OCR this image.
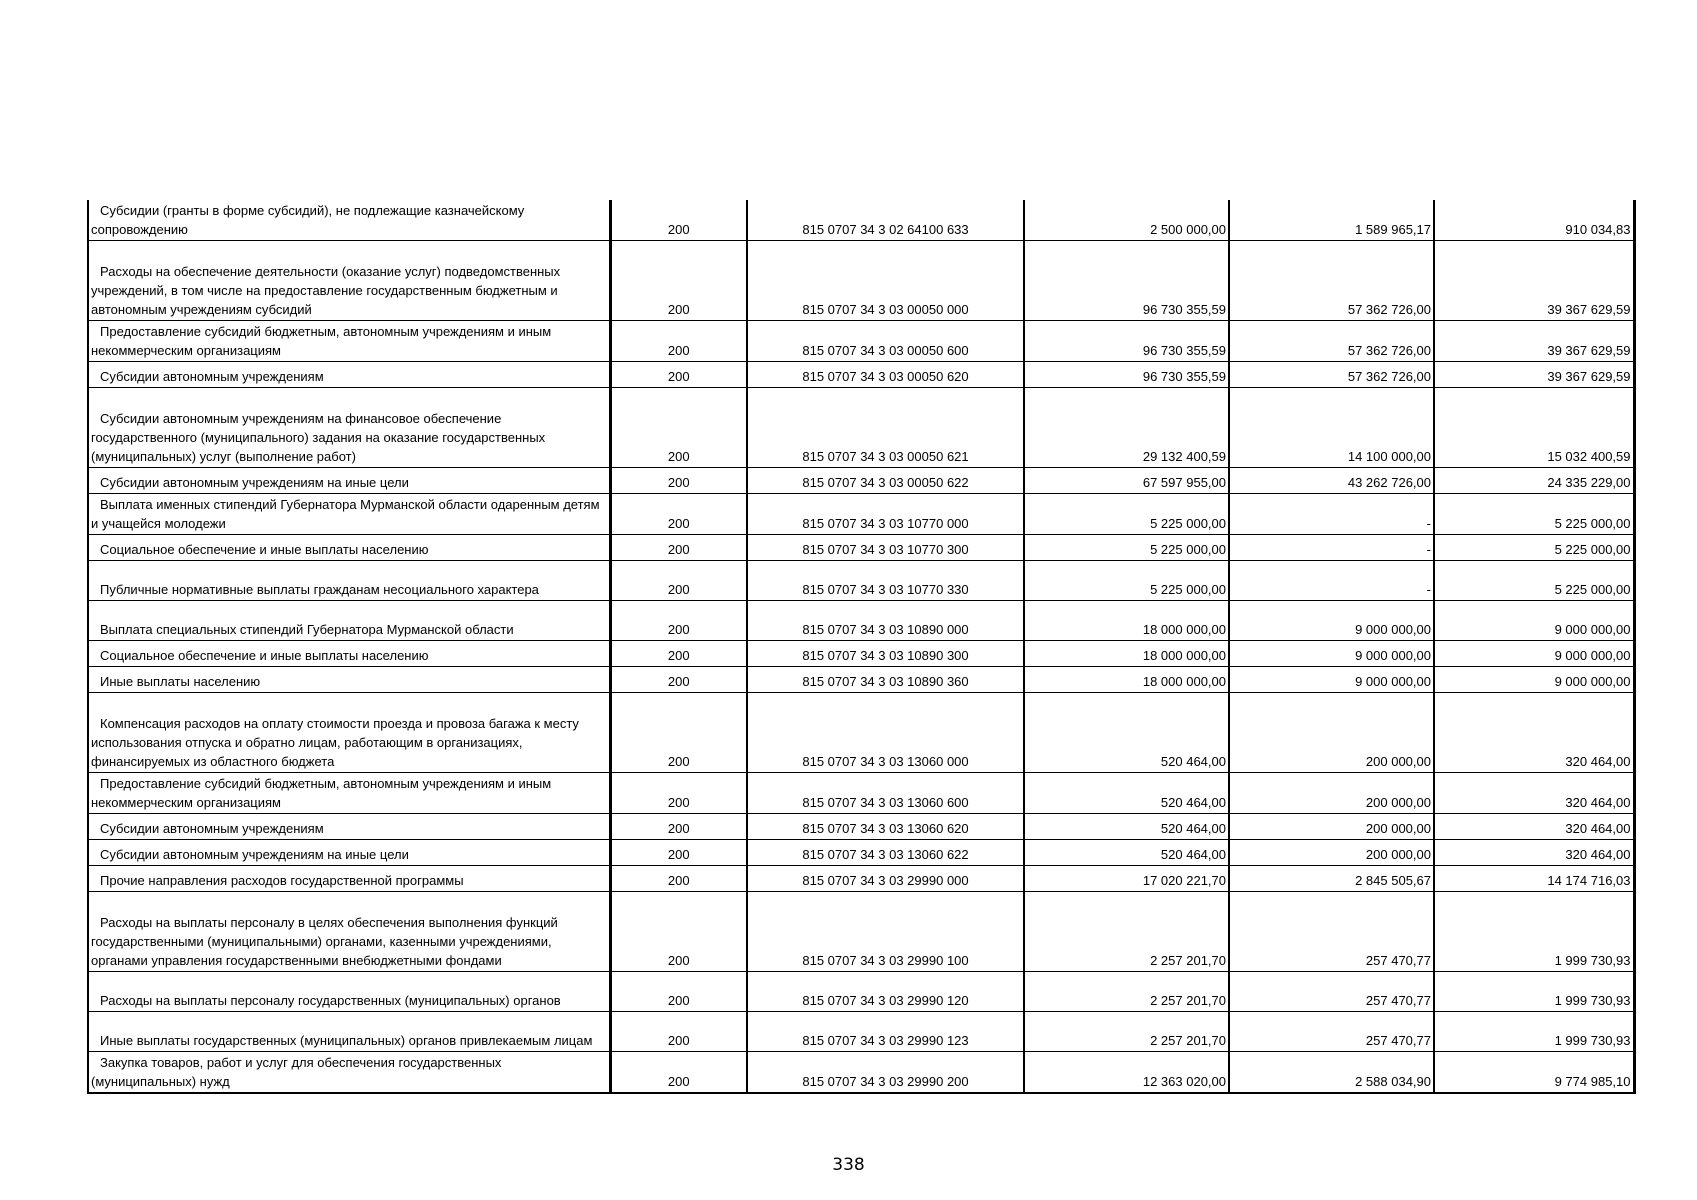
Субсидии (гранты в форме субсидий), не подлежащие казначейскому сопровождению	200	815 0707 34 3 02 64100 633	2 500 000,00	1 589 965,17	910 034,83
Расходы на обеспечение деятельности (оказание услуг) подведомственных учреждений, в том числе на предоставление государственным бюджетным и автономным учреждениям субсидий	200	815 0707 34 3 03 00050 000	96 730 355,59	57 362 726,00	39 367 629,59
Предоставление субсидий бюджетным, автономным учреждениям и иным некоммерческим организациям	200	815 0707 34 3 03 00050 600	96 730 355,59	57 362 726,00	39 367 629,59
Субсидии автономным учреждениям	200	815 0707 34 3 03 00050 620	96 730 355,59	57 362 726,00	39 367 629,59
Субсидии автономным учреждениям на финансовое обеспечение государственного (муниципального) задания на оказание государственных (муниципальных) услуг (выполнение работ)	200	815 0707 34 3 03 00050 621	29 132 400,59	14 100 000,00	15 032 400,59
Субсидии автономным учреждениям на иные цели	200	815 0707 34 3 03 00050 622	67 597 955,00	43 262 726,00	24 335 229,00
Выплата именных стипендий Губернатора Мурманской области одаренным детям и учащейся молодежи	200	815 0707 34 3 03 10770 000	5 225 000,00	-	5 225 000,00
Социальное обеспечение и иные выплаты населению	200	815 0707 34 3 03 10770 300	5 225 000,00	-	5 225 000,00
Публичные нормативные выплаты гражданам несоциального характера	200	815 0707 34 3 03 10770 330	5 225 000,00	-	5 225 000,00
Выплата специальных стипендий Губернатора Мурманской области	200	815 0707 34 3 03 10890 000	18 000 000,00	9 000 000,00	9 000 000,00
Социальное обеспечение и иные выплаты населению	200	815 0707 34 3 03 10890 300	18 000 000,00	9 000 000,00	9 000 000,00
Иные выплаты населению	200	815 0707 34 3 03 10890 360	18 000 000,00	9 000 000,00	9 000 000,00
Компенсация расходов на оплату стоимости проезда и провоза багажа к месту использования отпуска и обратно лицам, работающим в организациях, финансируемых из областного бюджета	200	815 0707 34 3 03 13060 000	520 464,00	200 000,00	320 464,00
Предоставление субсидий бюджетным, автономным учреждениям и иным некоммерческим организациям	200	815 0707 34 3 03 13060 600	520 464,00	200 000,00	320 464,00
Субсидии автономным учреждениям	200	815 0707 34 3 03 13060 620	520 464,00	200 000,00	320 464,00
Субсидии автономным учреждениям на иные цели	200	815 0707 34 3 03 13060 622	520 464,00	200 000,00	320 464,00
Прочие направления расходов государственной программы	200	815 0707 34 3 03 29990 000	17 020 221,70	2 845 505,67	14 174 716,03
Расходы на выплаты персоналу в целях обеспечения выполнения функций государственными (муниципальными) органами, казенными учреждениями, органами управления государственными внебюджетными фондами	200	815 0707 34 3 03 29990 100	2 257 201,70	257 470,77	1 999 730,93
Расходы на выплаты персоналу государственных (муниципальных) органов	200	815 0707 34 3 03 29990 120	2 257 201,70	257 470,77	1 999 730,93
Иные выплаты государственных (муниципальных) органов привлекаемым лицам	200	815 0707 34 3 03 29990 123	2 257 201,70	257 470,77	1 999 730,93
Закупка товаров, работ и услуг для обеспечения государственных (муниципальных) нужд	200	815 0707 34 3 03 29990 200	12 363 020,00	2 588 034,90	9 774 985,10
338
